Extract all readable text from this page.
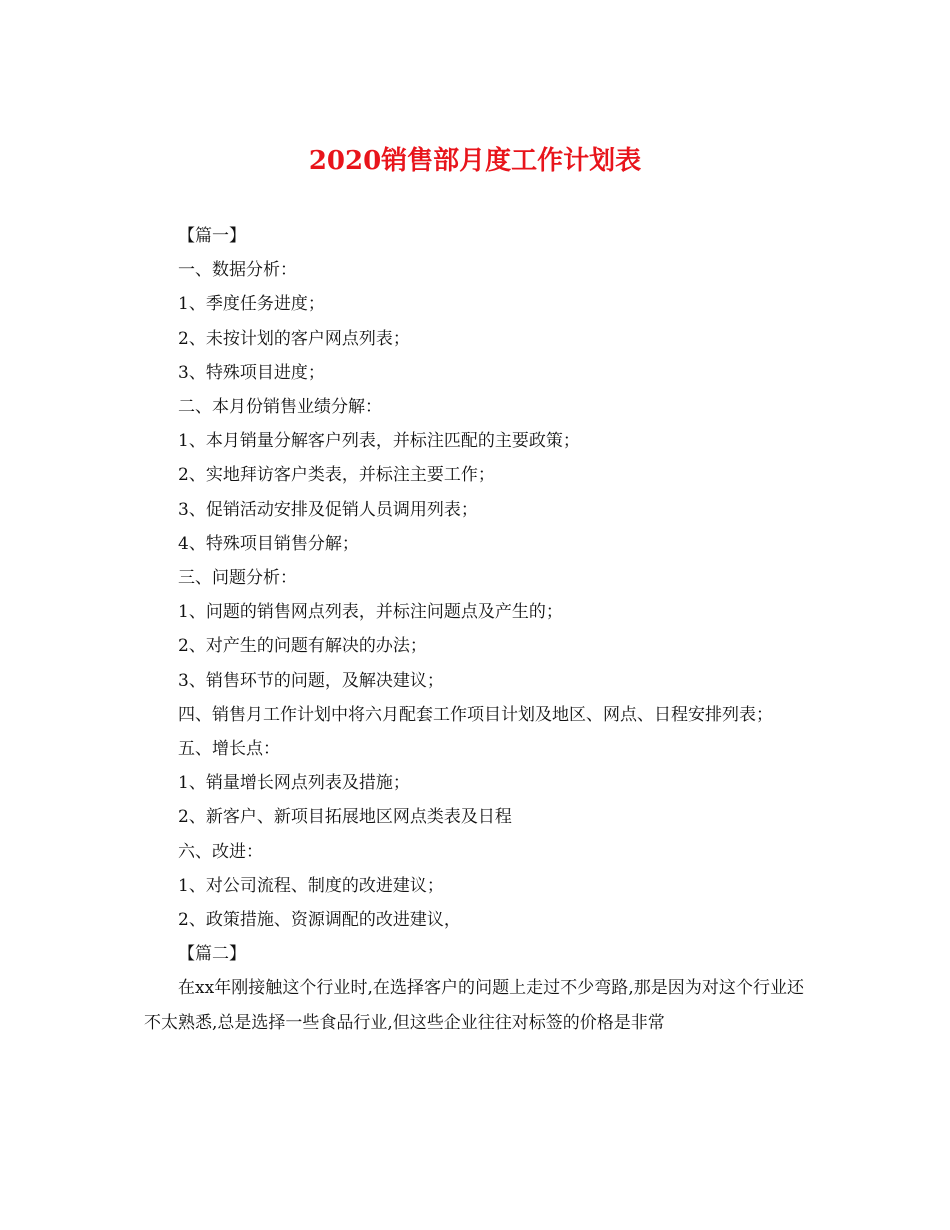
2020销售部月度工作计划表
【篇一】
一、数据分析：
1、季度任务进度；
2、未按计划的客户网点列表；
3、特殊项目进度；
二、本月份销售业绩分解：
1、本月销量分解客户列表，并标注匹配的主要政策；
2、实地拜访客户类表，并标注主要工作；
3、促销活动安排及促销人员调用列表；
4、特殊项目销售分解；
三、问题分析：
1、问题的销售网点列表，并标注问题点及产生的；
2、对产生的问题有解决的办法；
3、销售环节的问题，及解决建议；
四、销售月工作计划中将六月配套工作项目计划及地区、网点、日程安排列表；
五、增长点：
1、销量增长网点列表及措施；
2、新客户、新项目拓展地区网点类表及日程
六、改进：
1、对公司流程、制度的改进建议；
2、政策措施、资源调配的改进建议，
【篇二】
在xx年刚接触这个行业时,在选择客户的问题上走过不少弯路,那是因为对这个行业还不太熟悉,总是选择一些食品行业,但这些企业往往对标签的价格是非常
